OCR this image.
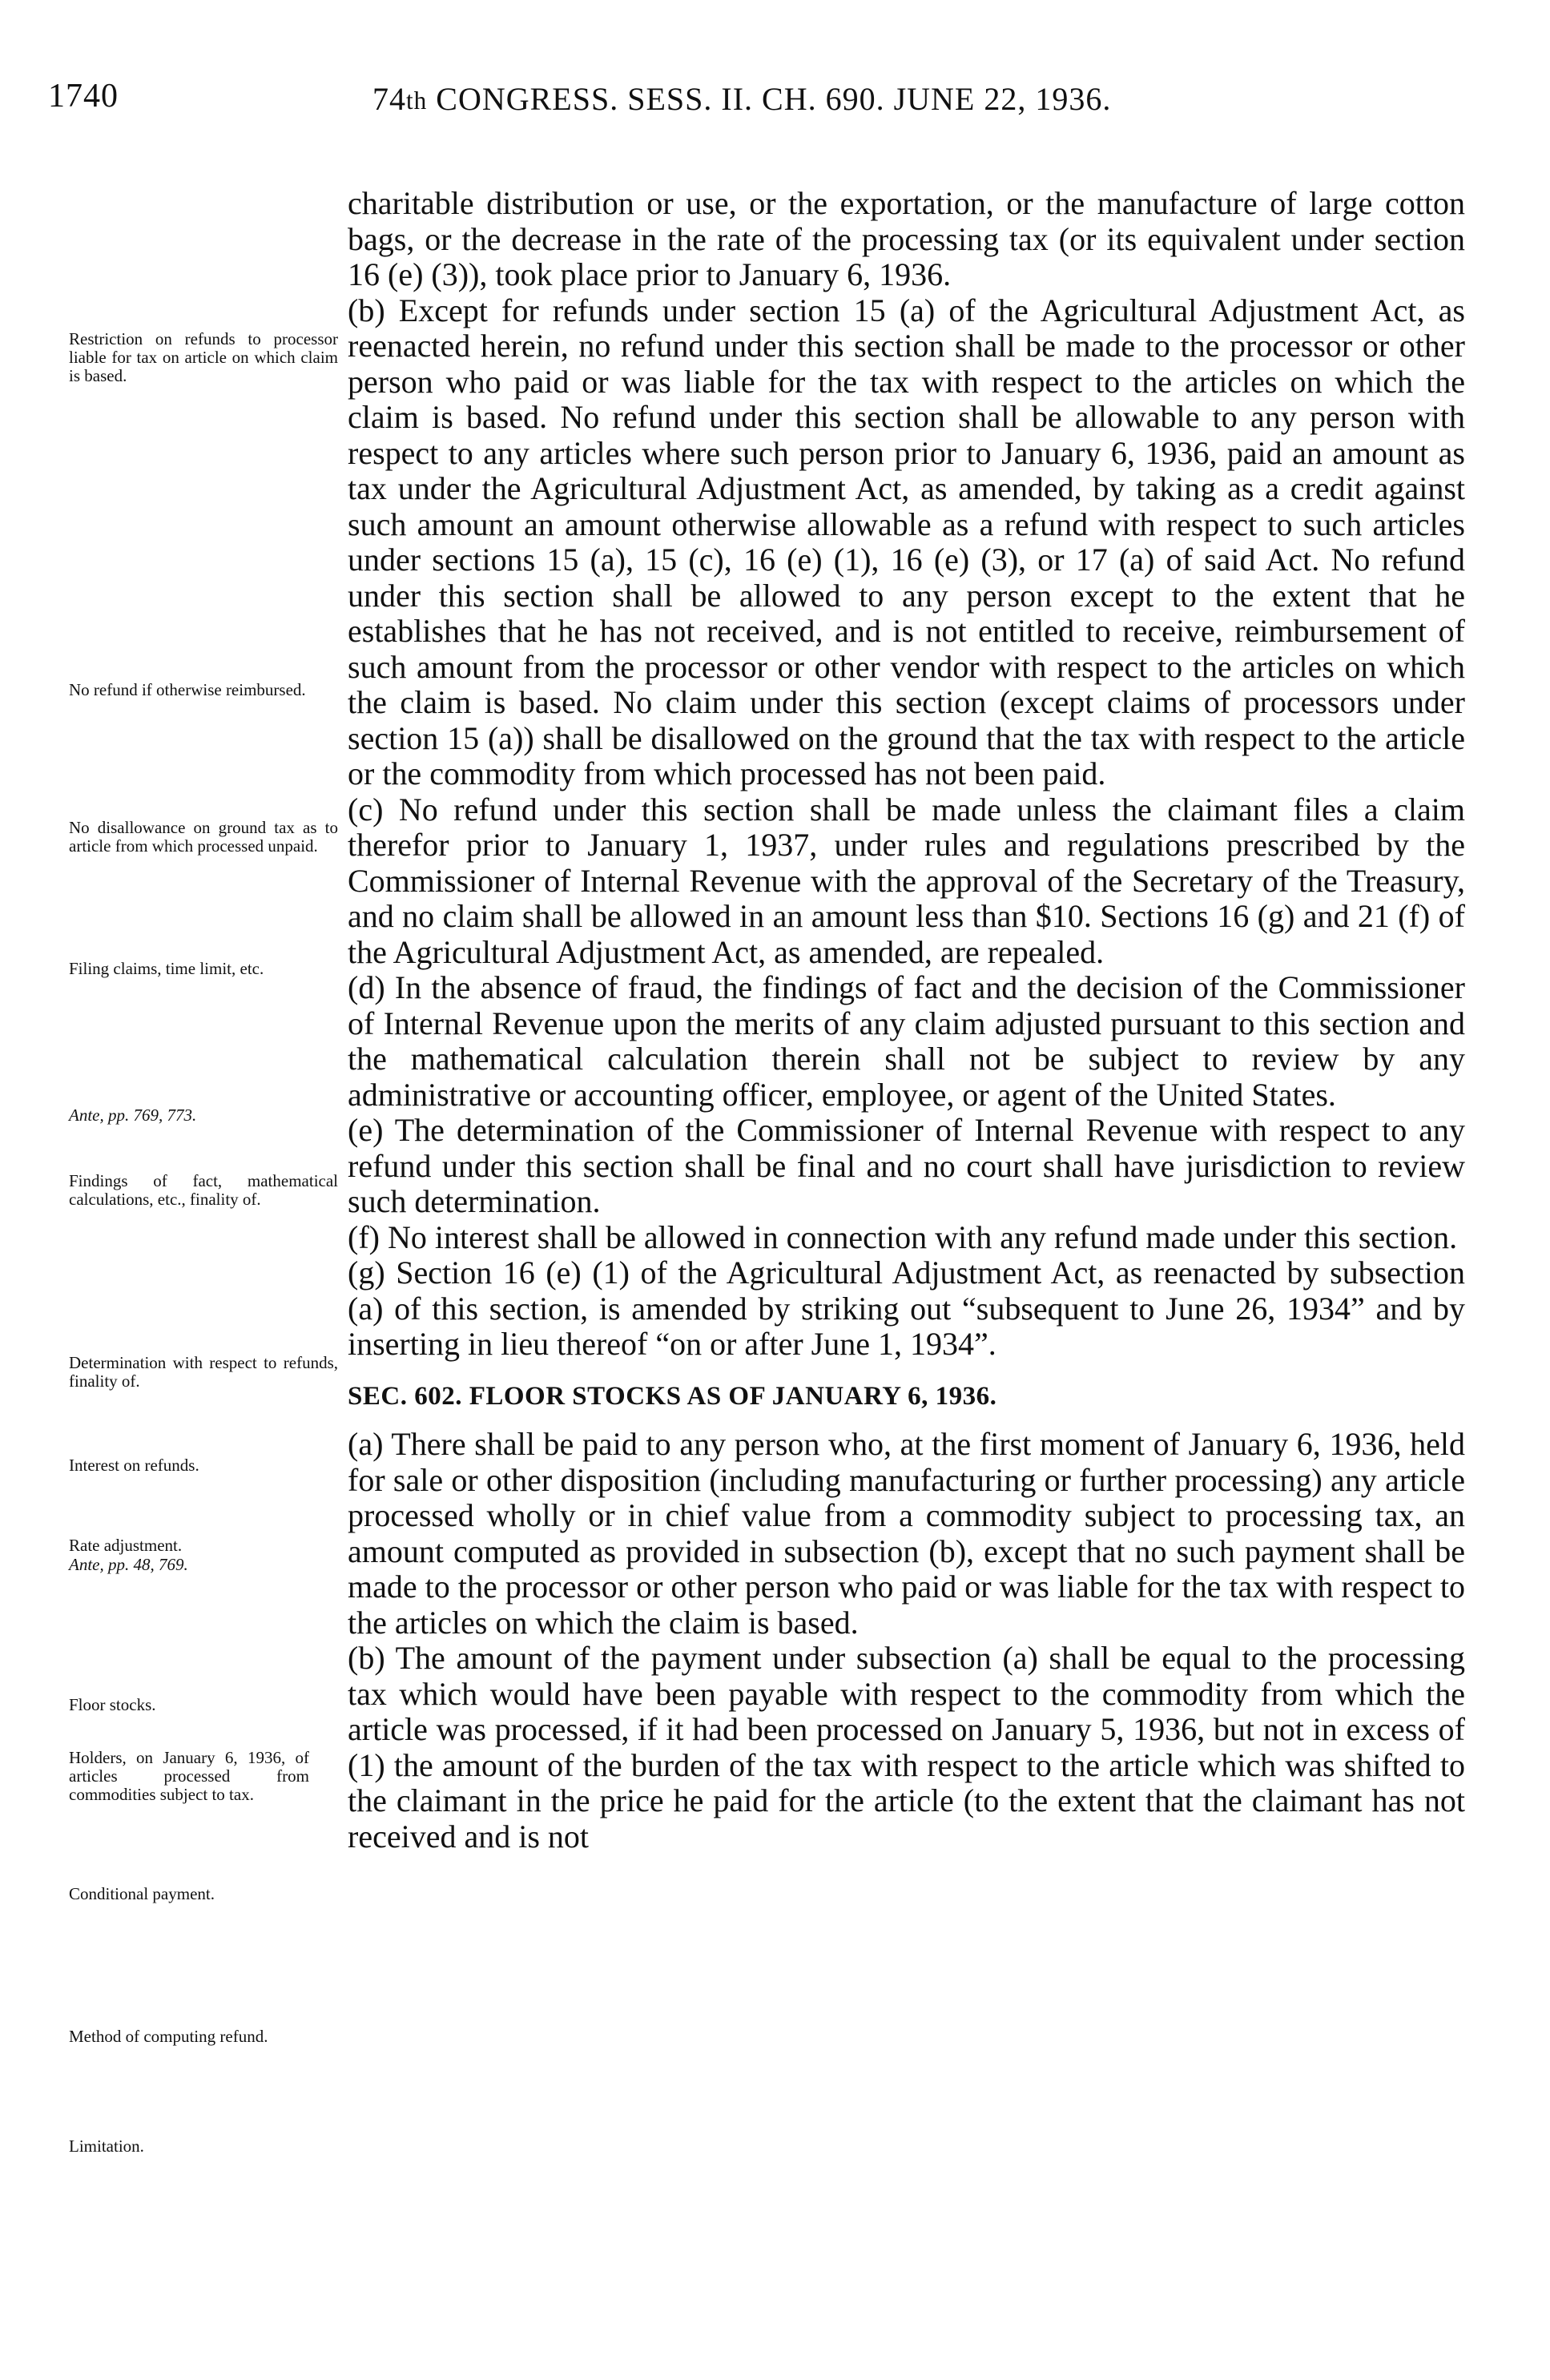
1740	74th CONGRESS. SESS. II. CH. 690. JUNE 22, 1936.
Restriction on refunds to processor liable for tax on article on which claim is based.
No refund if otherwise reimbursed.
No disallowance on ground tax as to article from which processed unpaid.
Filing claims, time limit, etc.
Ante, pp. 769, 773.
Findings of fact, mathematical calculations, etc., finality of.
Determination with respect to refunds, finality of.
Interest on refunds.
Rate adjustment.
Ante, pp. 48, 769.
Floor stocks.
Holders, on January 6, 1936, of articles processed from commodities subject to tax.
Conditional payment.
Method of computing refund.
Limitation.

charitable distribution or use, or the exportation, or the manufacture of large cotton bags, or the decrease in the rate of the processing tax (or its equivalent under section 16 (e) (3)), took place prior to January 6, 1936.

(b) Except for refunds under section 15 (a) of the Agricultural Adjustment Act, as reenacted herein, no refund under this section shall be made to the processor or other person who paid or was liable for the tax with respect to the articles on which the claim is based. No refund under this section shall be allowable to any person with respect to any articles where such person prior to January 6, 1936, paid an amount as tax under the Agricultural Adjustment Act, as amended, by taking as a credit against such amount an amount otherwise allowable as a refund with respect to such articles under sections 15 (a), 15 (c), 16 (e) (1), 16 (e) (3), or 17 (a) of said Act. No refund under this section shall be allowed to any person except to the extent that he establishes that he has not received, and is not entitled to receive, reimbursement of such amount from the processor or other vendor with respect to the articles on which the claim is based. No claim under this section (except claims of processors under section 15 (a)) shall be disallowed on the ground that the tax with respect to the article or the commodity from which processed has not been paid.

(c) No refund under this section shall be made unless the claimant files a claim therefor prior to January 1, 1937, under rules and regulations prescribed by the Commissioner of Internal Revenue with the approval of the Secretary of the Treasury, and no claim shall be allowed in an amount less than $10. Sections 16 (g) and 21 (f) of the Agricultural Adjustment Act, as amended, are repealed.

(d) In the absence of fraud, the findings of fact and the decision of the Commissioner of Internal Revenue upon the merits of any claim adjusted pursuant to this section and the mathematical calculation therein shall not be subject to review by any administrative or accounting officer, employee, or agent of the United States.

(e) The determination of the Commissioner of Internal Revenue with respect to any refund under this section shall be final and no court shall have jurisdiction to review such determination.

(f) No interest shall be allowed in connection with any refund made under this section.

(g) Section 16 (e) (1) of the Agricultural Adjustment Act, as reenacted by subsection (a) of this section, is amended by striking out “subsequent to June 26, 1934” and by inserting in lieu thereof “on or after June 1, 1934”.

SEC. 602. FLOOR STOCKS AS OF JANUARY 6, 1936.

(a) There shall be paid to any person who, at the first moment of January 6, 1936, held for sale or other disposition (including manufacturing or further processing) any article processed wholly or in chief value from a commodity subject to processing tax, an amount computed as provided in subsection (b), except that no such payment shall be made to the processor or other person who paid or was liable for the tax with respect to the articles on which the claim is based.

(b) The amount of the payment under subsection (a) shall be equal to the processing tax which would have been payable with respect to the commodity from which the article was processed, if it had been processed on January 5, 1936, but not in excess of (1) the amount of the burden of the tax with respect to the article which was shifted to the claimant in the price he paid for the article (to the extent that the claimant has not received and is not
